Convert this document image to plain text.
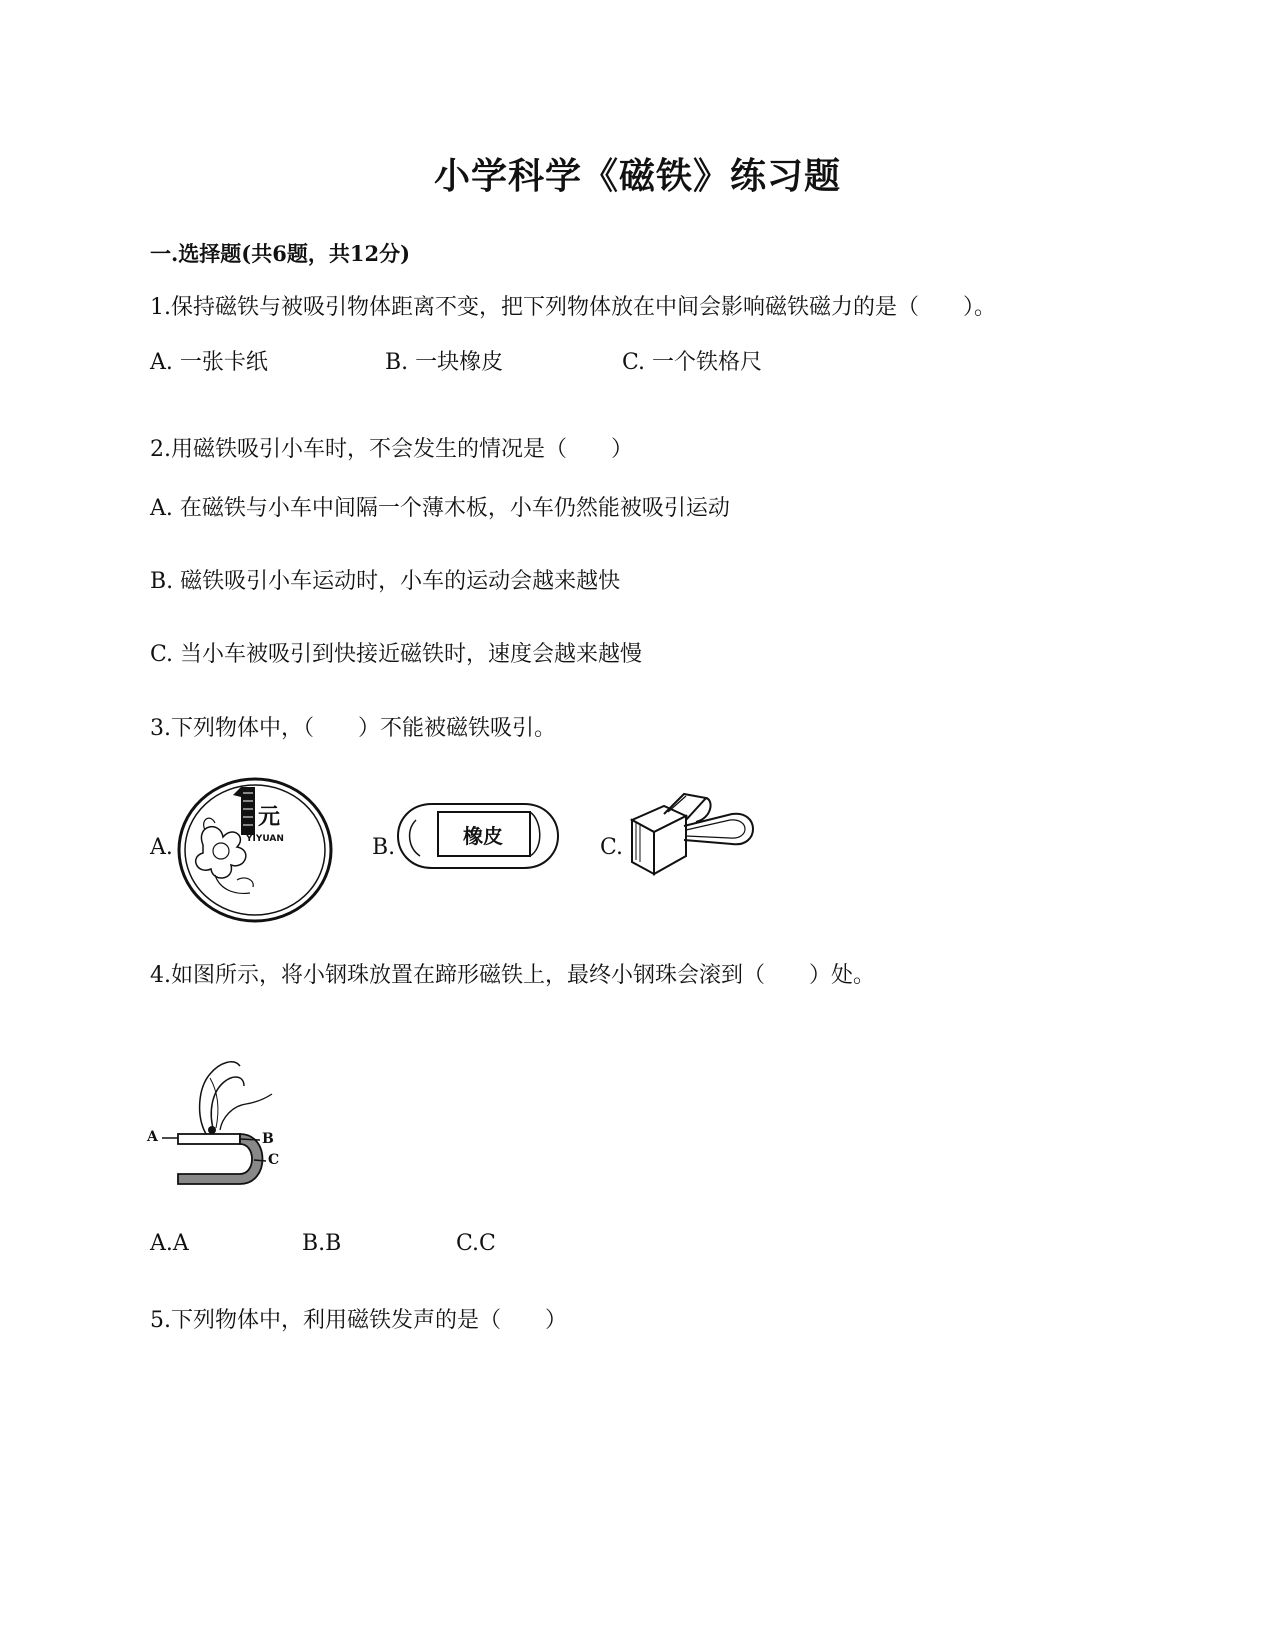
小学科学《磁铁》练习题
一.选择题(共6题，共12分)
1.保持磁铁与被吸引物体距离不变，把下列物体放在中间会影响磁铁磁力的是（　　）。
A. 一张卡纸	B. 一块橡皮	C. 一个铁格尺
2.用磁铁吸引小车时，不会发生的情况是（　　）
A. 在磁铁与小车中间隔一个薄木板，小车仍然能被吸引运动
B. 磁铁吸引小车运动时，小车的运动会越来越快
C. 当小车被吸引到快接近磁铁时，速度会越来越慢
3.下列物体中，（　　）不能被磁铁吸引。
A.
元
YIYUAN	B.	橡皮	C.
4.如图所示，将小钢珠放置在蹄形磁铁上，最终小钢珠会滚到（　　）处。
A	B
C
A.A	B.B	C.C
5.下列物体中，利用磁铁发声的是（　　）
